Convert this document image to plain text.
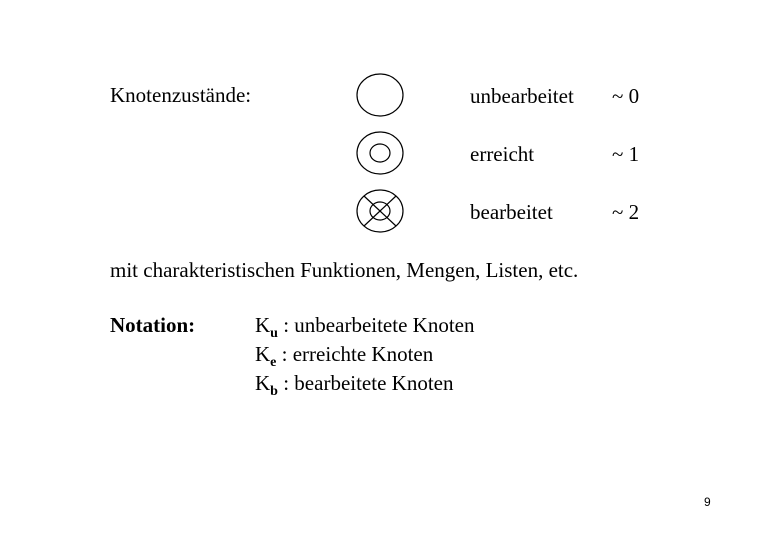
Knotenzustände:	unbearbeitet ~ 0
erreicht	~ 1
bearbeitet	~ 2
mit charakteristischen Funktionen, Mengen, Listen, etc.
Notation:	$K_u$ : unbearbeitete Knoten
$K_e$ : erreichte Knoten
$K_b$ : bearbeitete Knoten
9
